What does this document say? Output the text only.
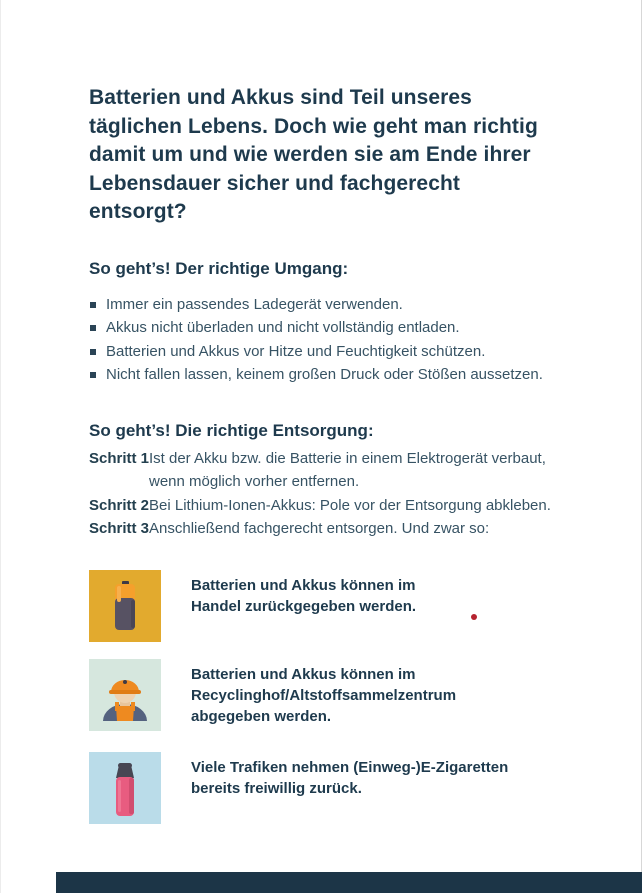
Batterien und Akkus sind Teil unseres täglichen Lebens. Doch wie geht man richtig damit um und wie werden sie am Ende ihrer Lebensdauer sicher und fachgerecht entsorgt?
So geht’s! Der richtige Umgang:
Immer ein passendes Ladegerät verwenden.
Akkus nicht überladen und nicht vollständig entladen.
Batterien und Akkus vor Hitze und Feuchtigkeit schützen.
Nicht fallen lassen, keinem großen Druck oder Stößen aussetzen.
So geht’s! Die richtige Entsorgung:
Schritt 1 Ist der Akku bzw. die Batterie in einem Elektrogerät verbaut, wenn möglich vorher entfernen.
Schritt 2 Bei Lithium-Ionen-Akkus: Pole vor der Entsorgung abkleben.
Schritt 3 Anschließend fachgerecht entsorgen. Und zwar so:
Batterien und Akkus können im Handel zurückgegeben werden.
Batterien und Akkus können im Recyclinghof/Altstoffsammelzentrum abgegeben werden.
Viele Trafiken nehmen (Einweg-)E-Zigaretten bereits freiwillig zurück.
